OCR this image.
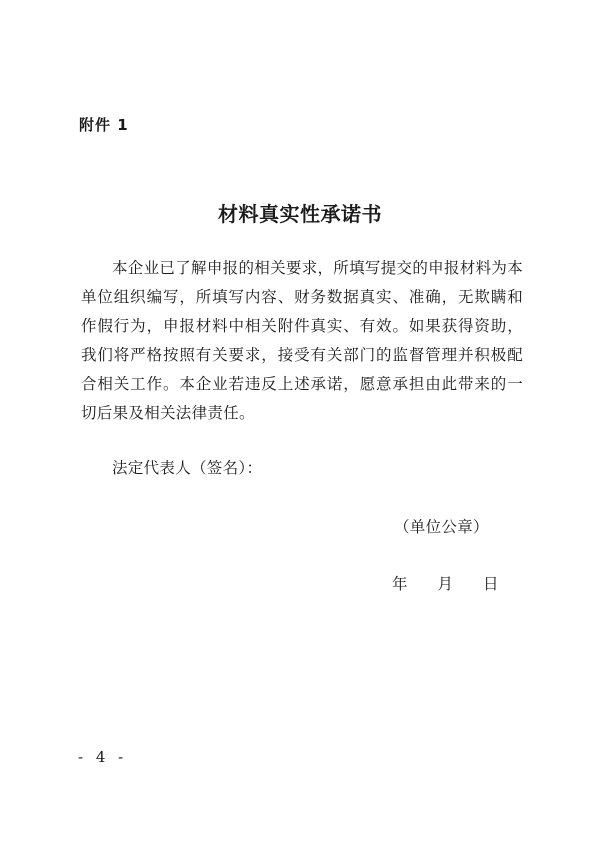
附件 1
材料真实性承诺书

本企业已了解申报的相关要求，所填写提交的申报材料为本单位组织编写，所填写内容、财务数据真实、准确，无欺瞒和作假行为，申报材料中相关附件真实、有效。如果获得资助，我们将严格按照有关要求，接受有关部门的监督管理并积极配合相关工作。本企业若违反上述承诺，愿意承担由此带来的一切后果及相关法律责任。

法定代表人（签名）：
（单位公章）
年 月 日
- 4 -
